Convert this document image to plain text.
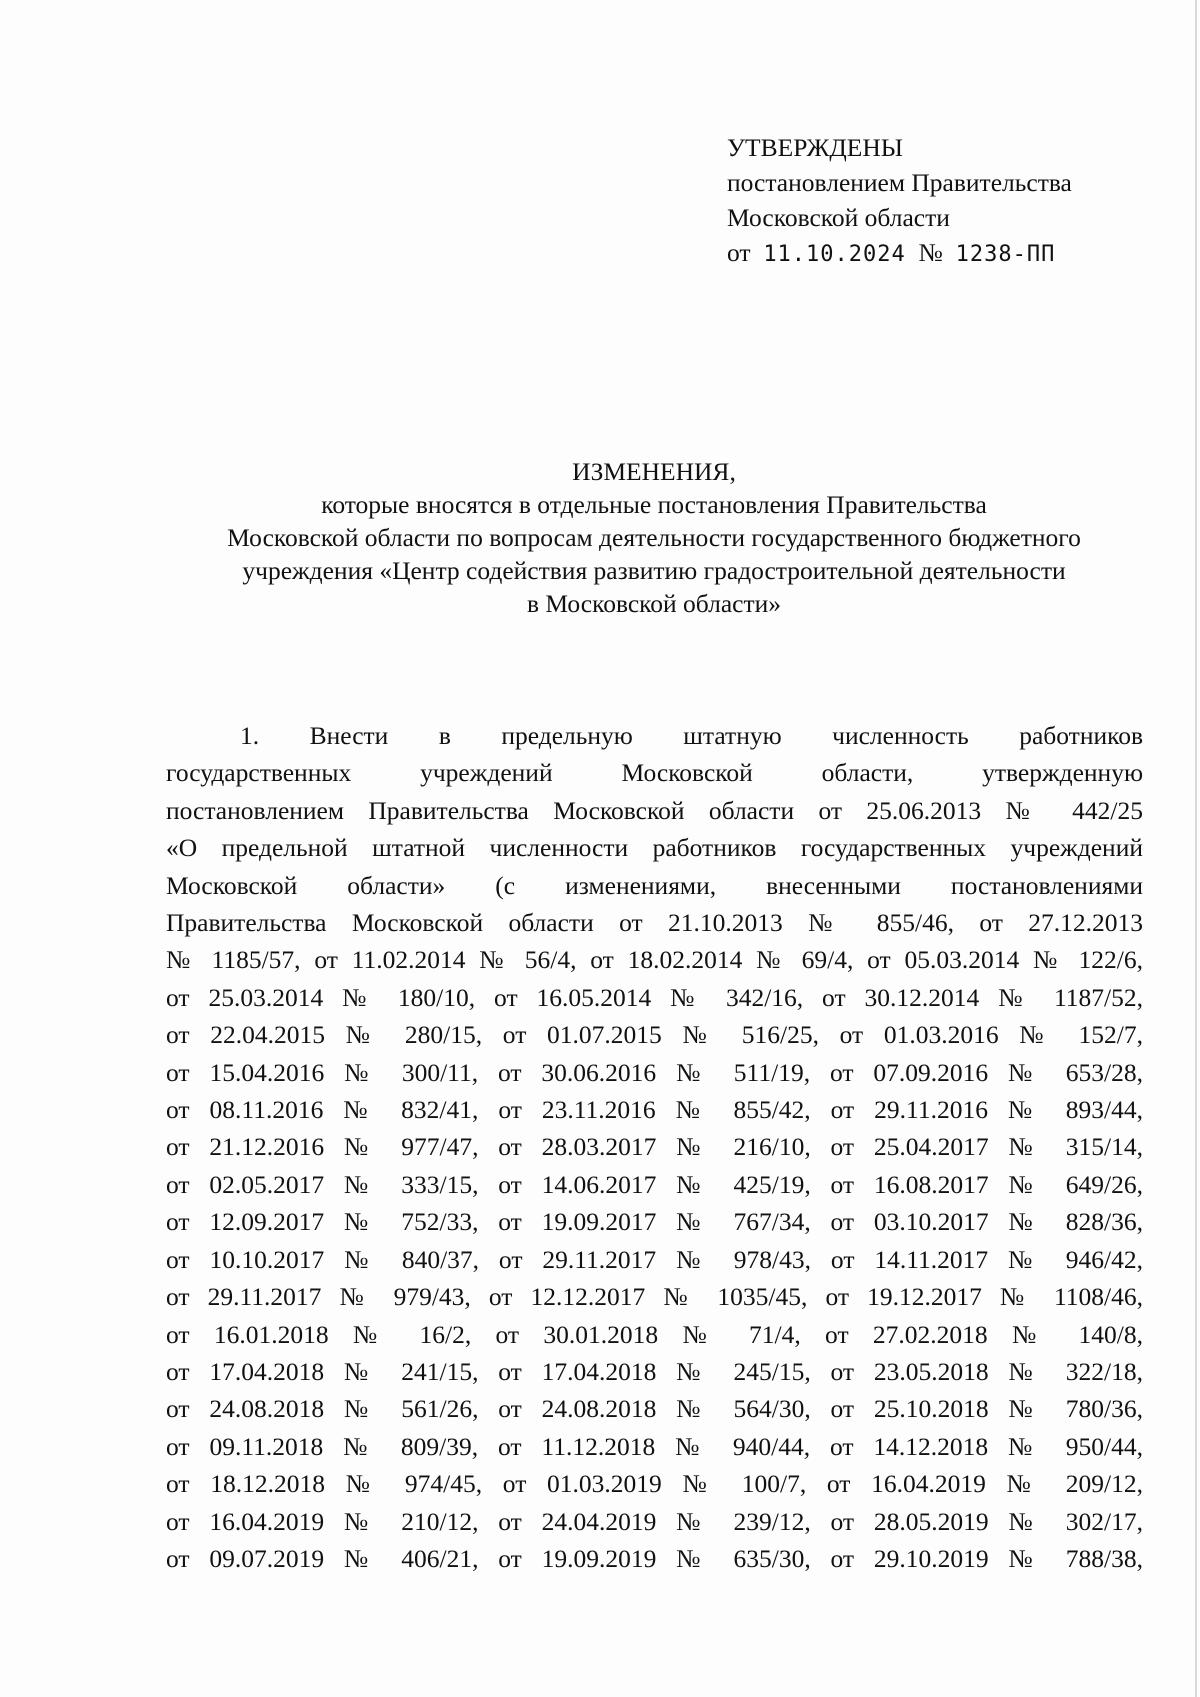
УТВЕРЖДЕНЫ
постановлением Правительства
Московской области
от 11.10.2024 № 1238-ПП
ИЗМЕНЕНИЯ,
которые вносятся в отдельные постановления Правительства
Московской области по вопросам деятельности государственного бюджетного
учреждения «Центр содействия развитию градостроительной деятельности
в Московской области»
1. Внести в предельную штатную численность работников
государственных учреждений Московской области, утвержденную
постановлением Правительства Московской области от 25.06.2013 № 442/25
«О предельной штатной численности работников государственных учреждений
Московской области» (с изменениями, внесенными постановлениями
Правительства Московской области от 21.10.2013 № 855/46, от 27.12.2013
№ 1185/57, от 11.02.2014 № 56/4, от 18.02.2014 № 69/4, от 05.03.2014 № 122/6,
от 25.03.2014 № 180/10, от 16.05.2014 № 342/16, от 30.12.2014 № 1187/52,
от 22.04.2015 № 280/15, от 01.07.2015 № 516/25, от 01.03.2016 № 152/7,
от 15.04.2016 № 300/11, от 30.06.2016 № 511/19, от 07.09.2016 № 653/28,
от 08.11.2016 № 832/41, от 23.11.2016 № 855/42, от 29.11.2016 № 893/44,
от 21.12.2016 № 977/47, от 28.03.2017 № 216/10, от 25.04.2017 № 315/14,
от 02.05.2017 № 333/15, от 14.06.2017 № 425/19, от 16.08.2017 № 649/26,
от 12.09.2017 № 752/33, от 19.09.2017 № 767/34, от 03.10.2017 № 828/36,
от 10.10.2017 № 840/37, от 29.11.2017 № 978/43, от 14.11.2017 № 946/42,
от 29.11.2017 № 979/43, от 12.12.2017 № 1035/45, от 19.12.2017 № 1108/46,
от 16.01.2018 № 16/2, от 30.01.2018 № 71/4, от 27.02.2018 № 140/8,
от 17.04.2018 № 241/15, от 17.04.2018 № 245/15, от 23.05.2018 № 322/18,
от 24.08.2018 № 561/26, от 24.08.2018 № 564/30, от 25.10.2018 № 780/36,
от 09.11.2018 № 809/39, от 11.12.2018 № 940/44, от 14.12.2018 № 950/44,
от 18.12.2018 № 974/45, от 01.03.2019 № 100/7, от 16.04.2019 № 209/12,
от 16.04.2019 № 210/12, от 24.04.2019 № 239/12, от 28.05.2019 № 302/17,
от 09.07.2019 № 406/21, от 19.09.2019 № 635/30, от 29.10.2019 № 788/38,
